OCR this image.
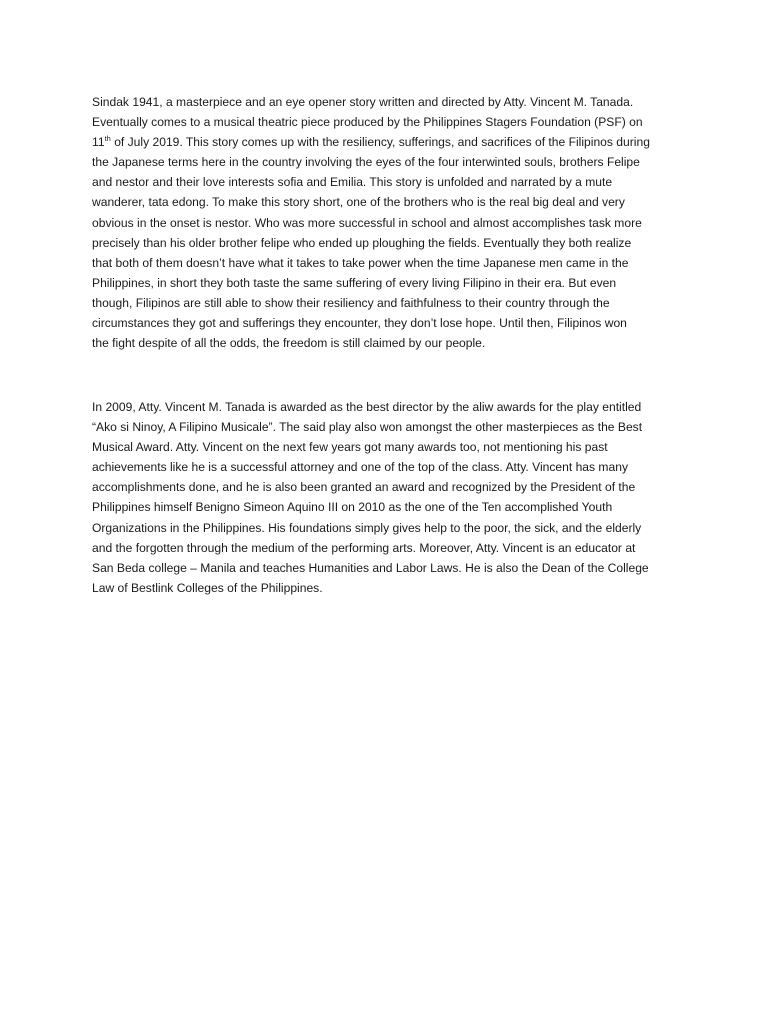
Sindak 1941, a masterpiece and an eye opener story written and directed by Atty. Vincent M. Tanada.
Eventually comes to a musical theatric piece produced by the Philippines Stagers Foundation (PSF) on
11th of July 2019. This story comes up with the resiliency, sufferings, and sacrifices of the Filipinos during
the Japanese terms here in the country involving the eyes of the four interwinted souls, brothers Felipe
and nestor and their love interests sofia and Emilia. This story is unfolded and narrated by a mute
wanderer, tata edong. To make this story short, one of the brothers who is the real big deal and very
obvious in the onset is nestor. Who was more successful in school and almost accomplishes task more
precisely than his older brother felipe who ended up ploughing the fields. Eventually they both realize
that both of them doesn’t have what it takes to take power when the time Japanese men came in the
Philippines, in short they both taste the same suffering of every living Filipino in their era. But even
though, Filipinos are still able to show their resiliency and faithfulness to their country through the
circumstances they got and sufferings they encounter, they don’t lose hope. Until then, Filipinos won
the fight despite of all the odds, the freedom is still claimed by our people.
In 2009, Atty. Vincent M. Tanada is awarded as the best director by the aliw awards for the play entitled
“Ako si Ninoy, A Filipino Musicale”. The said play also won amongst the other masterpieces as the Best
Musical Award. Atty. Vincent on the next few years got many awards too, not mentioning his past
achievements like he is a successful attorney and one of the top of the class. Atty. Vincent has many
accomplishments done, and he is also been granted an award and recognized by the President of the
Philippines himself Benigno Simeon Aquino III on 2010 as the one of the Ten accomplished Youth
Organizations in the Philippines. His foundations simply gives help to the poor, the sick, and the elderly
and the forgotten through the medium of the performing arts. Moreover, Atty. Vincent is an educator at
San Beda college – Manila and teaches Humanities and Labor Laws. He is also the Dean of the College
Law of Bestlink Colleges of the Philippines.
